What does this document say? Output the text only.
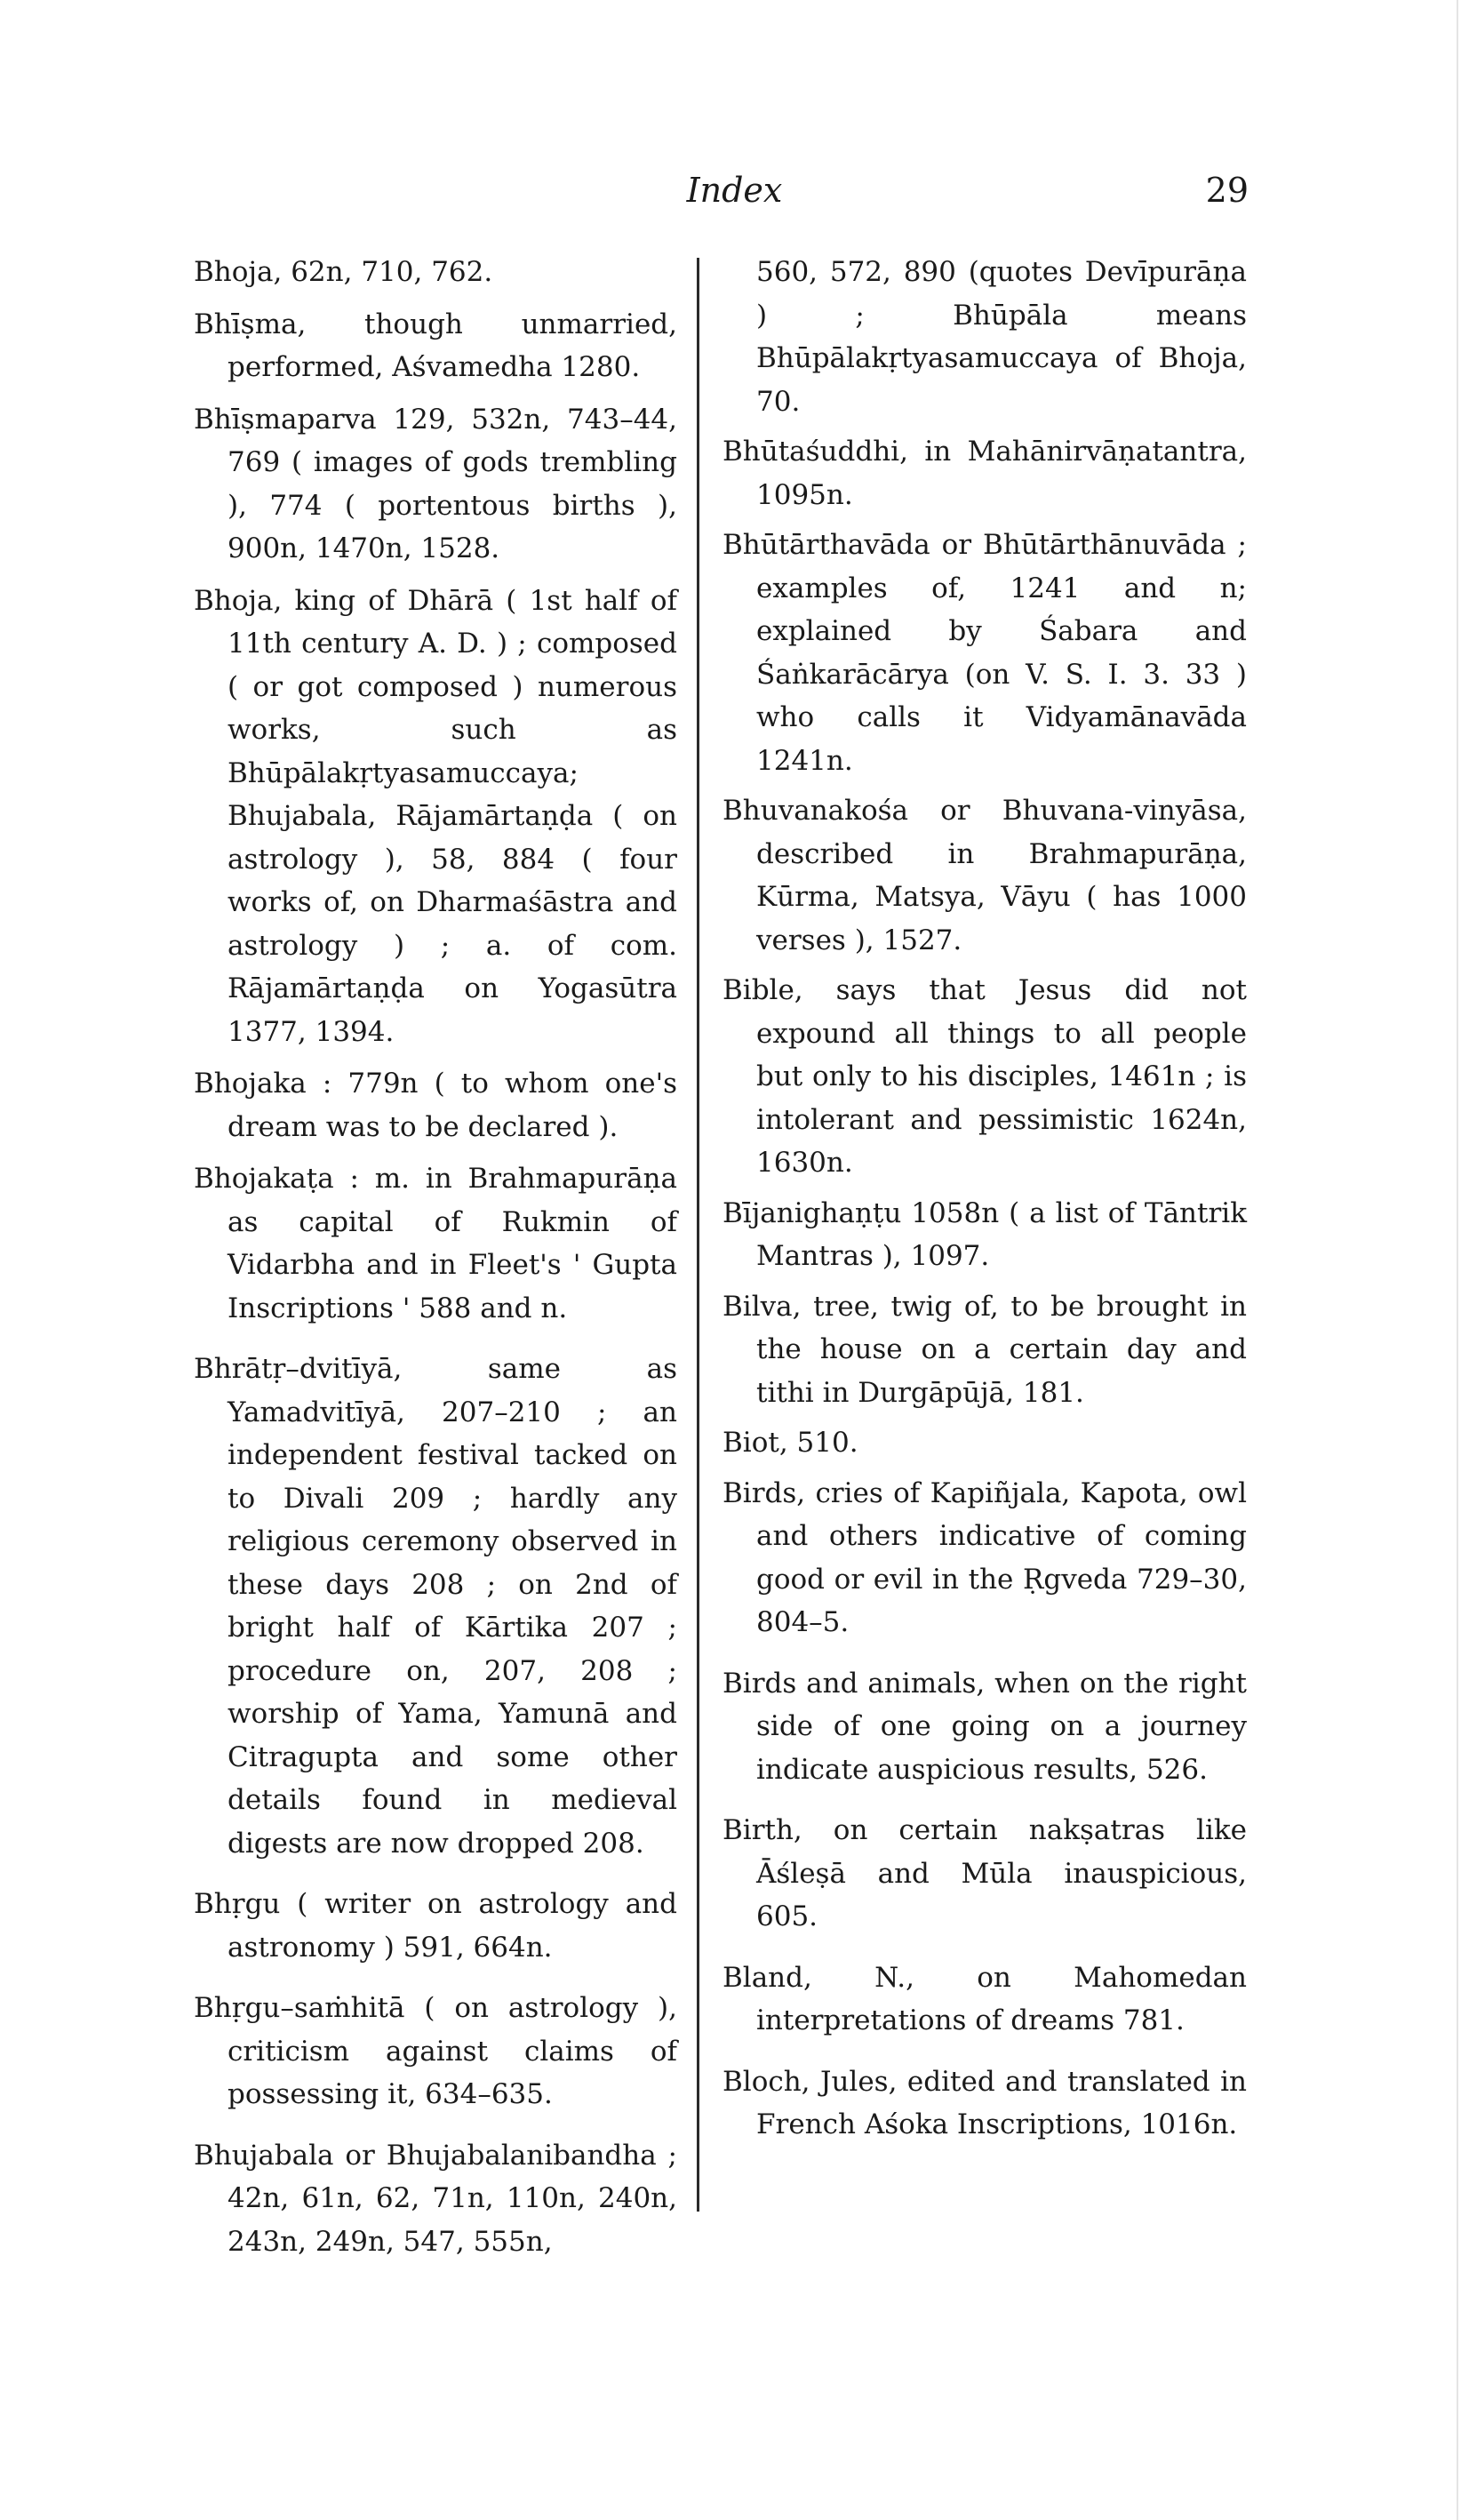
Index	29

Bhoja, 62n, 710, 762.

Bhīṣma, though unmarried, performed, Aśvamedha 1280.

Bhīṣmaparva 129, 532n, 743–44, 769 ( images of gods trembling ), 774 ( portentous births ), 900n, 1470n, 1528.

Bhoja, king of Dhārā ( 1st half of 11th century A. D. ) ; composed ( or got composed ) numerous works, such as Bhūpālakṛtyasamuccaya; Bhujabala, Rājamārtaṇḍa ( on astrology ), 58, 884 ( four works of, on Dharmaśāstra and astrology ) ; a. of com. Rājamārtaṇḍa on Yogasūtra 1377, 1394.

Bhojaka : 779n ( to whom one's dream was to be declared ).

Bhojakaṭa : m. in Brahmapurāṇa as capital of Rukmin of Vidarbha and in Fleet's ' Gupta Inscriptions ' 588 and n.

Bhrātṛ–dvitīyā, same as Yamadvitīyā, 207–210 ; an independent festival tacked on to Divali 209 ; hardly any religious ceremony observed in these days 208 ; on 2nd of bright half of Kārtika 207 ; procedure on, 207, 208 ; worship of Yama, Yamunā and Citragupta and some other details found in medieval digests are now dropped 208.

Bhṛgu ( writer on astrology and astronomy ) 591, 664n.

Bhṛgu–saṁhitā ( on astrology ), criticism against claims of possessing it, 634–635.

Bhujabala or Bhujabalanibandha ; 42n, 61n, 62, 71n, 110n, 240n, 243n, 249n, 547, 555n,

560, 572, 890 (quotes Devīpurāṇa ) ; Bhūpāla means Bhūpālakṛtyasamuccaya of Bhoja, 70.

Bhūtaśuddhi, in Mahānirvāṇatantra, 1095n.

Bhūtārthavāda or Bhūtārthānuvāda ; examples of, 1241 and n; explained by Śabara and Śaṅkarācārya (on V. S. I. 3. 33 ) who calls it Vidyamānavāda 1241n.

Bhuvanakośa or Bhuvana-vinyāsa, described in Brahmapurāṇa, Kūrma, Matsya, Vāyu ( has 1000 verses ), 1527.

Bible, says that Jesus did not expound all things to all people but only to his disciples, 1461n ; is intolerant and pessimistic 1624n, 1630n.

Bījanighaṇṭu 1058n ( a list of Tāntrik Mantras ), 1097.

Bilva, tree, twig of, to be brought in the house on a certain day and tithi in Durgāpūjā, 181.

Biot, 510.

Birds, cries of Kapiñjala, Kapota, owl and others indicative of coming good or evil in the Ṛgveda 729–30, 804–5.

Birds and animals, when on the right side of one going on a journey indicate auspicious results, 526.

Birth, on certain nakṣatras like Āśleṣā and Mūla inauspicious, 605.

Bland, N., on Mahomedan interpretations of dreams 781.

Bloch, Jules, edited and translated in French Aśoka Inscriptions, 1016n.
